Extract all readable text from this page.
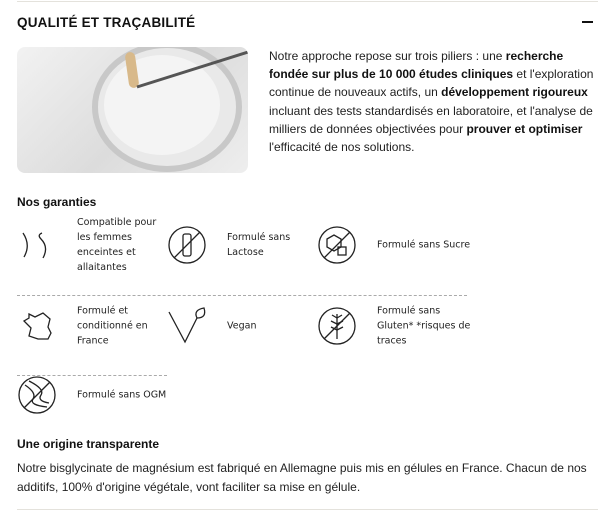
QUALITÉ ET TRAÇABILITÉ
Notre approche repose sur trois piliers : une recherche fondée sur plus de 10 000 études cliniques et l'exploration continue de nouveaux actifs, un développement rigoureux incluant des tests standardisés en laboratoire, et l'analyse de milliers de données objectivées pour prouver et optimiser l'efficacité de nos solutions.
Nos garanties
Compatible pour les femmes enceintes et allaitantes
Formulé sans Lactose
Formulé sans Sucre
Formulé et conditionné en France
Vegan
Formulé sans Gluten* *risques de traces
Formulé sans OGM
Une origine transparente
Notre bisglycinate de magnésium est fabriqué en Allemagne puis mis en gélules en France. Chacun de nos additifs, 100% d'origine végétale, vont faciliter sa mise en gélule.
